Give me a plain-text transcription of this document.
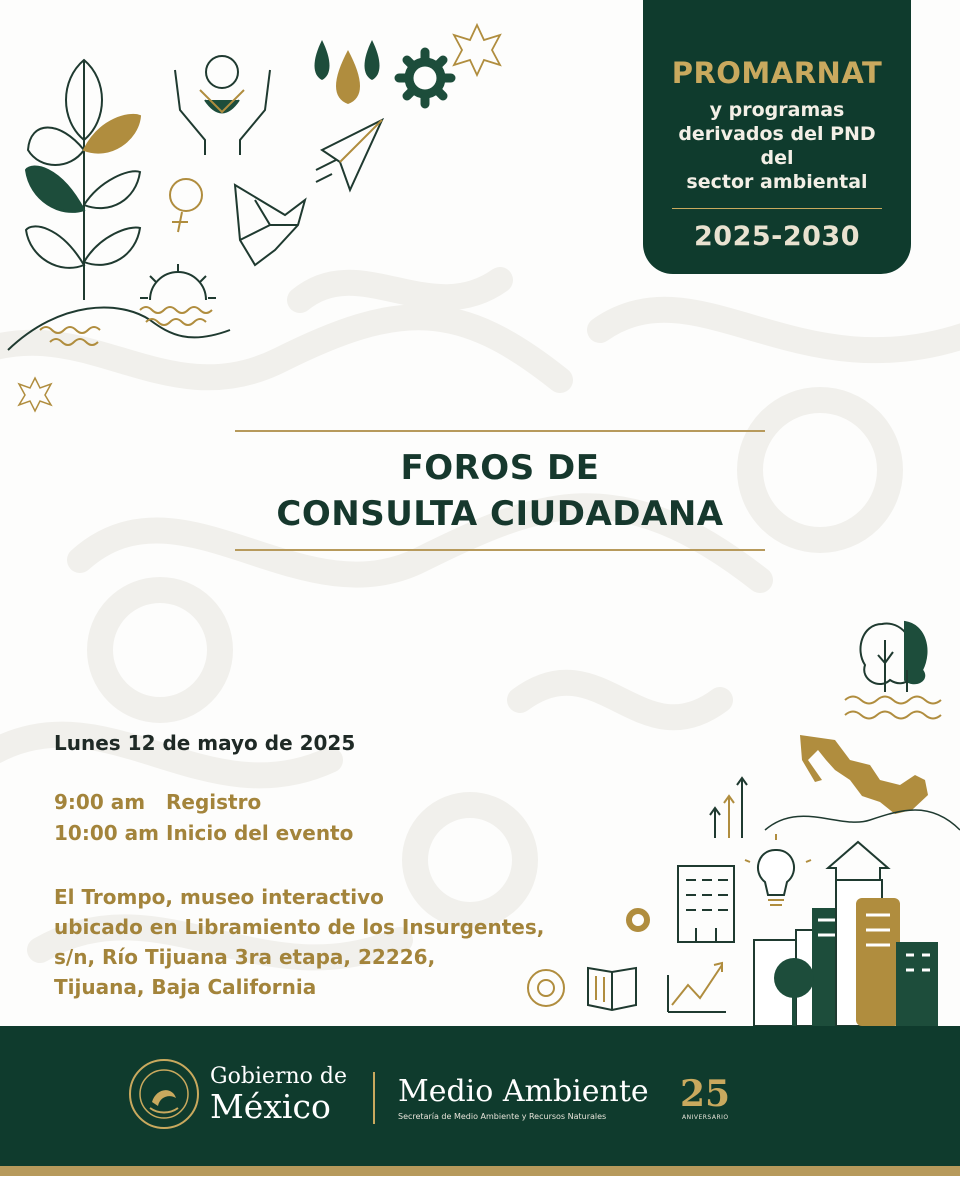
PROMARNAT
y programas
derivados del PND del
sector ambiental
2025-2030
FOROS DE
CONSULTA CIUDADANA
Lunes 12 de mayo de 2025
9:00 am Registro
10:00 am Inicio del evento
El Trompo, museo interactivo
ubicado en Libramiento de los Insurgentes,
s/n, Río Tijuana 3ra etapa, 22226,
Tijuana, Baja California
Gobierno de
México	Medio Ambiente
Secretaría de Medio Ambiente y Recursos Naturales
25
ANIVERSARIO
